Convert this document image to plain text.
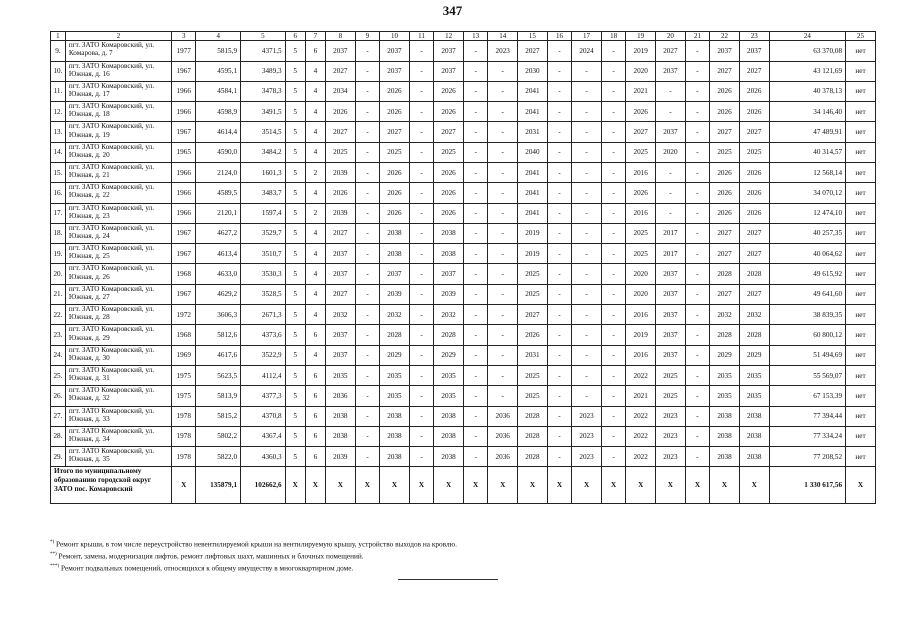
347
1	2	3	4	5	6	7	8	9	10	11	12	13	14	15	16	17	18	19	20	21	22	23	24	25
9.	пгт. ЗАТО Комаровский, ул. Комарова, д. 7	1977	5815,9	4371,5	5	6	2037	-	2037	-	2037	-	2023	2027	-	2024	-	2019	2027	-	2037	2037	63 370,08	нет
10.	пгт. ЗАТО Комаровский, ул. Южная, д. 16	1967	4595,1	3489,3	5	4	2027	-	2037	-	2037	-	-	2030	-	-	-	2020	2037	-	2027	2027	43 121,69	нет
11.	пгт. ЗАТО Комаровский, ул. Южная, д. 17	1966	4584,1	3478,3	5	4	2034	-	2026	-	2026	-	-	2041	-	-	-	2021	-	-	2026	2026	40 378,13	нет
12.	пгт. ЗАТО Комаровский, ул. Южная, д. 18	1966	4598,9	3491,5	5	4	2026	-	2026	-	2026	-	-	2041	-	-	-	2026	-	-	2026	2026	34 146,40	нет
13.	пгт. ЗАТО Комаровский, ул. Южная, д. 19	1967	4614,4	3514,5	5	4	2027	-	2027	-	2027	-	-	2031	-	-	-	2027	2037	-	2027	2027	47 489,91	нет
14.	пгт. ЗАТО Комаровский, ул. Южная, д. 20	1965	4590,0	3484,2	5	4	2025	-	2025	-	2025	-	-	2040	-	-	-	2025	2020	-	2025	2025	40 314,57	нет
15.	пгт. ЗАТО Комаровский, ул. Южная, д. 21	1966	2124,0	1601,3	5	2	2039	-	2026	-	2026	-	-	2041	-	-	-	2016	-	-	2026	2026	12 568,14	нет
16.	пгт. ЗАТО Комаровский, ул. Южная, д. 22	1966	4589,5	3483,7	5	4	2026	-	2026	-	2026	-	-	2041	-	-	-	2026	-	-	2026	2026	34 070,12	нет
17.	пгт. ЗАТО Комаровский, ул. Южная, д. 23	1966	2120,1	1597,4	5	2	2039	-	2026	-	2026	-	-	2041	-	-	-	2016	-	-	2026	2026	12 474,10	нет
18.	пгт. ЗАТО Комаровский, ул. Южная, д. 24	1967	4627,2	3529,7	5	4	2027	-	2038	-	2038	-	-	2019	-	-	-	2025	2017	-	2027	2027	40 257,35	нет
19.	пгт. ЗАТО Комаровский, ул. Южная, д. 25	1967	4613,4	3510,7	5	4	2037	-	2038	-	2038	-	-	2019	-	-	-	2025	2017	-	2027	2027	40 064,62	нет
20.	пгт. ЗАТО Комаровский, ул. Южная, д. 26	1968	4633,0	3530,3	5	4	2037	-	2037	-	2037	-	-	2025	-	-	-	2020	2037	-	2028	2028	49 615,92	нет
21.	пгт. ЗАТО Комаровский, ул. Южная, д. 27	1967	4629,2	3528,5	5	4	2027	-	2039	-	2039	-	-	2025	-	-	-	2020	2037	-	2027	2027	49 641,60	нет
22.	пгт. ЗАТО Комаровский, ул. Южная, д. 28	1972	3606,3	2671,3	5	4	2032	-	2032	-	2032	-	-	2027	-	-	-	2016	2037	-	2032	2032	38 839,35	нет
23.	пгт. ЗАТО Комаровский, ул. Южная, д. 29	1968	5812,6	4373,6	5	6	2037	-	2028	-	2028	-	-	2026	-	-	-	2019	2037	-	2028	2028	60 800,12	нет
24.	пгт. ЗАТО Комаровский, ул. Южная, д. 30	1969	4617,6	3522,9	5	4	2037	-	2029	-	2029	-	-	2031	-	-	-	2016	2037	-	2029	2029	51 494,69	нет
25.	пгт. ЗАТО Комаровский, ул. Южная, д. 31	1975	5623,5	4112,4	5	6	2035	-	2035	-	2035	-	-	2025	-	-	-	2022	2025	-	2035	2035	55 569,07	нет
26.	пгт. ЗАТО Комаровский, ул. Южная, д. 32	1975	5813,9	4377,3	5	6	2036	-	2035	-	2035	-	-	2025	-	-	-	2021	2025	-	2035	2035	67 153,39	нет
27.	пгт. ЗАТО Комаровский, ул. Южная, д. 33	1978	5815,2	4370,8	5	6	2038	-	2038	-	2038	-	2036	2028	-	2023	-	2022	2023	-	2038	2038	77 394,44	нет
28.	пгт. ЗАТО Комаровский, ул. Южная, д. 34	1978	5802,2	4367,4	5	6	2038	-	2038	-	2038	-	2036	2028	-	2023	-	2022	2023	-	2038	2038	77 334,24	нет
29.	пгт. ЗАТО Комаровский, ул. Южная, д. 35	1978	5822,0	4360,3	5	6	2039	-	2038	-	2038	-	2036	2028	-	2023	-	2022	2023	-	2038	2038	77 208,52	нет
Итого по муниципальному образованию городской округ ЗАТО пос. Комаровский		X	135879,1	102662,6	X	X	X	X	X	X	X	X	X	X	X	X	X	X	X	X	X	X	1 330 617,56	X
*) Ремонт крыши, в том числе переустройство невентилируемой крыши на вентилируемую крышу, устройство выходов на кровлю.
**) Ремонт, замена, модернизация лифтов, ремонт лифтовых шахт, машинных и блочных помещений.
***) Ремонт подвальных помещений, относящихся к общему имуществу в многоквартирном доме.
